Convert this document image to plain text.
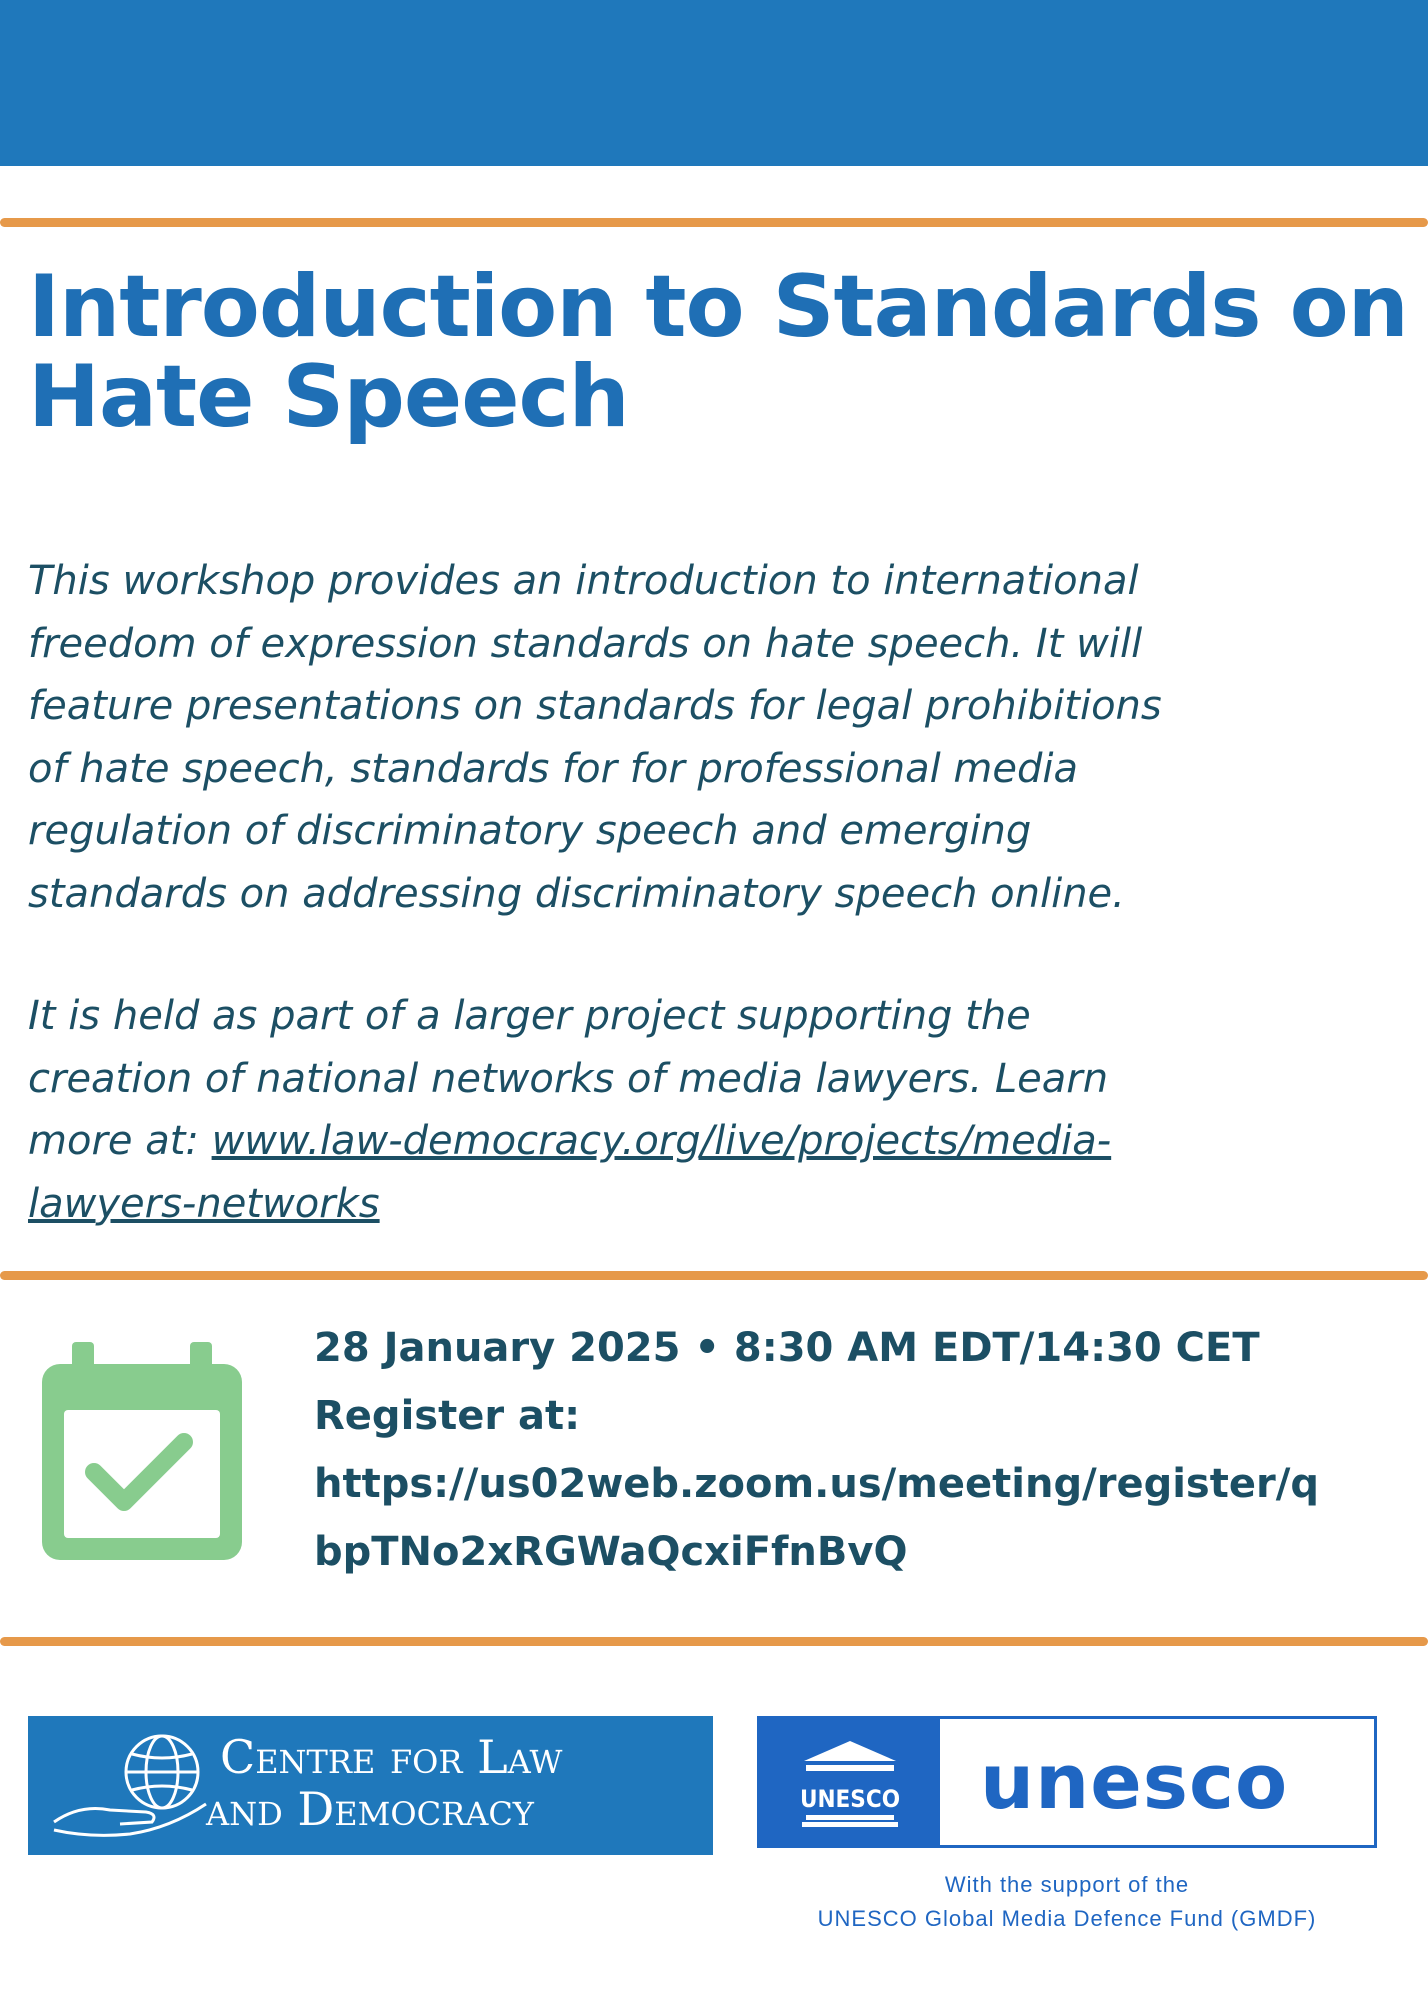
Introduction to Standards on
Hate Speech

This workshop provides an introduction to international
freedom of expression standards on hate speech. It will
feature presentations on standards for legal prohibitions
of hate speech, standards for for professional media
regulation of discriminatory speech and emerging
standards on addressing discriminatory speech online.

It is held as part of a larger project supporting the
creation of national networks of media lawyers. Learn
more at: www.law-democracy.org/live/projects/media-
lawyers-networks

28 January 2025 • 8:30 AM EDT/14:30 CET
Register at:
https://us02web.zoom.us/meeting/register/q
bpTNo2xRGWaQcxiFfnBvQ
Centre for Law
and Democracy	UNESCO unesco
With the support of the
UNESCO Global Media Defence Fund (GMDF)
